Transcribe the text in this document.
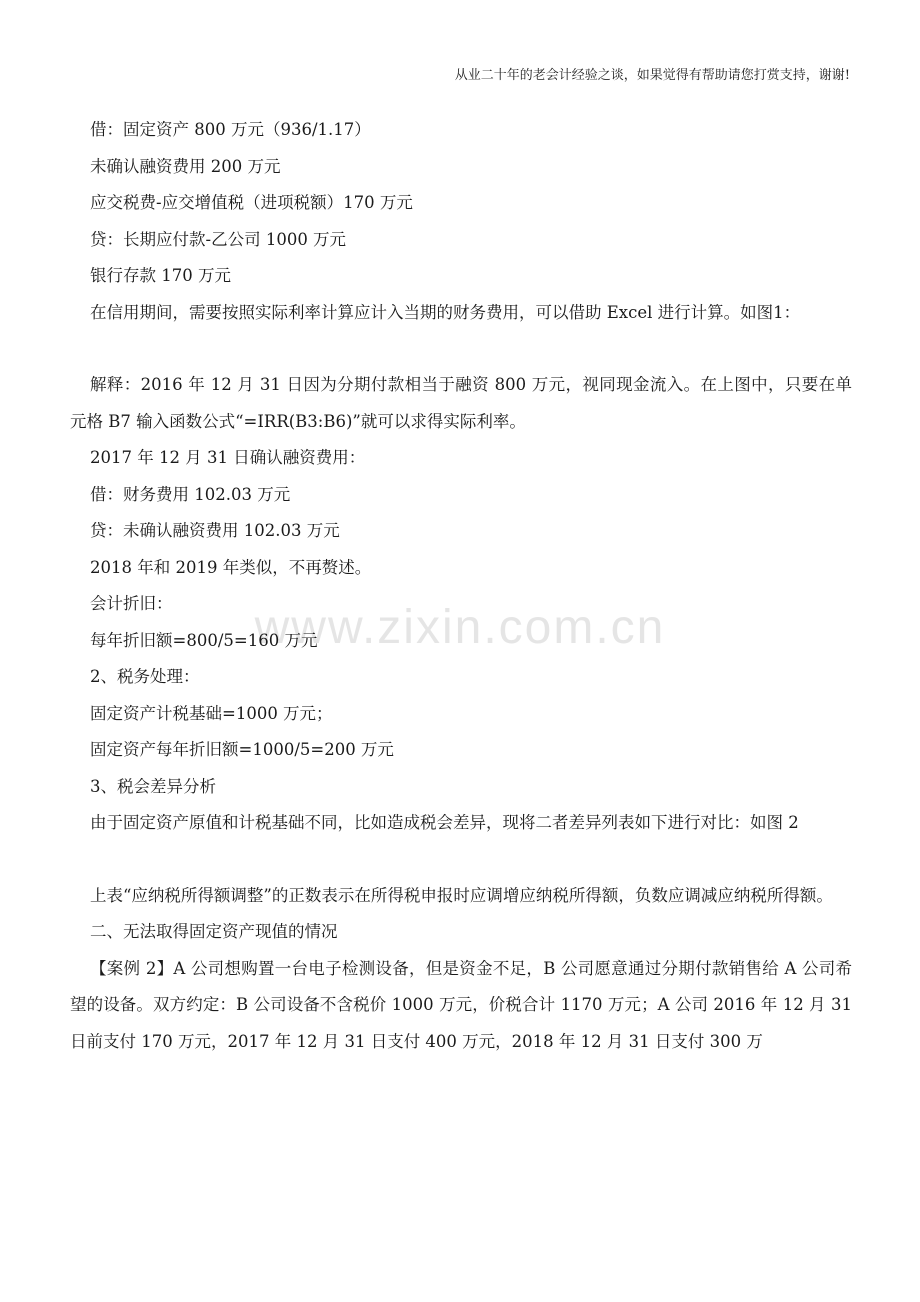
从业二十年的老会计经验之谈，如果觉得有帮助请您打赏支持，谢谢!
www.zixin.com.cn

借：固定资产 800 万元（936/1.17）

未确认融资费用 200 万元

应交税费-应交增值税（进项税额）170 万元

贷：长期应付款-乙公司 1000 万元

银行存款 170 万元

在信用期间，需要按照实际利率计算应计入当期的财务费用，可以借助 Excel 进行计算。如图1：

解释：2016 年 12 月 31 日因为分期付款相当于融资 800 万元，视同现金流入。在上图中，只要在单元格 B7 输入函数公式“=IRR(B3:B6)”就可以求得实际利率。

2017 年 12 月 31 日确认融资费用：

借：财务费用 102.03 万元

贷：未确认融资费用 102.03 万元

2018 年和 2019 年类似，不再赘述。

会计折旧：

每年折旧额=800/5=160 万元

2、税务处理：

固定资产计税基础=1000 万元；

固定资产每年折旧额=1000/5=200 万元

3、税会差异分析

由于固定资产原值和计税基础不同，比如造成税会差异，现将二者差异列表如下进行对比：如图 2

上表“应纳税所得额调整”的正数表示在所得税申报时应调增应纳税所得额，负数应调减应纳税所得额。

二、无法取得固定资产现值的情况

【案例 2】A 公司想购置一台电子检测设备，但是资金不足，B 公司愿意通过分期付款销售给 A 公司希望的设备。双方约定：B 公司设备不含税价 1000 万元，价税合计 1170 万元；A 公司 2016 年 12 月 31 日前支付 170 万元，2017 年 12 月 31 日支付 400 万元，2018 年 12 月 31 日支付 300 万
